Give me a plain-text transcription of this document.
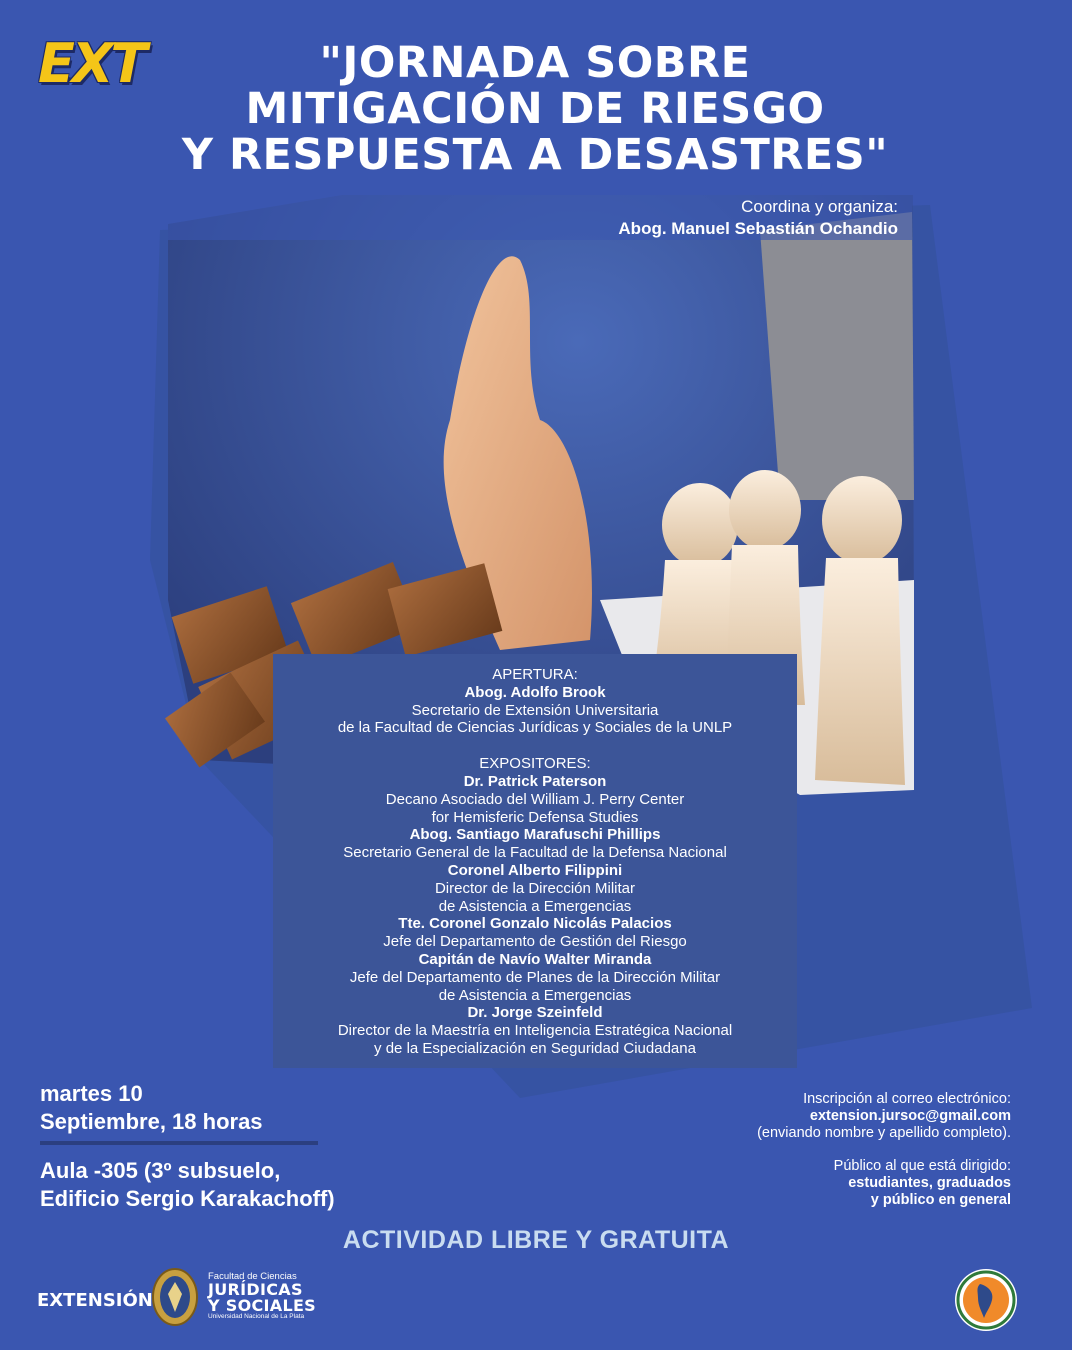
EXT	"JORNADA SOBRE
MITIGACIÓN DE RIESGO
Y RESPUESTA A DESASTRES"
Coordina y organiza:
Abog. Manuel Sebastián Ochandio
APERTURA:
Abog. Adolfo Brook
Secretario de Extensión Universitaria
de la Facultad de Ciencias Jurídicas y Sociales de la UNLP
EXPOSITORES:
Dr. Patrick Paterson
Decano Asociado del William J. Perry Center
for Hemisferic Defensa Studies
Abog. Santiago Marafuschi Phillips
Secretario General de la Facultad de la Defensa Nacional
Coronel Alberto Filippini
Director de la Dirección Militar
de Asistencia a Emergencias
Tte. Coronel Gonzalo Nicolás Palacios
Jefe del Departamento de Gestión del Riesgo
Capitán de Navío Walter Miranda
Jefe del Departamento de Planes de la Dirección Militar
de Asistencia a Emergencias
Dr. Jorge Szeinfeld
Director de la Maestría en Inteligencia Estratégica Nacional
y de la Especialización en Seguridad Ciudadana
martes 10
Septiembre, 18 horas
Aula -305 (3º subsuelo,
Edificio Sergio Karakachoff)
Inscripción al correo electrónico:
extension.jursoc@gmail.com
(enviando nombre y apellido completo).
Público al que está dirigido:
estudiantes, graduados
y público en general
ACTIVIDAD LIBRE Y GRATUITA
EXTENSIÓN
Facultad de Ciencias
JURÍDICAS
Y SOCIALES
Universidad Nacional de La Plata
